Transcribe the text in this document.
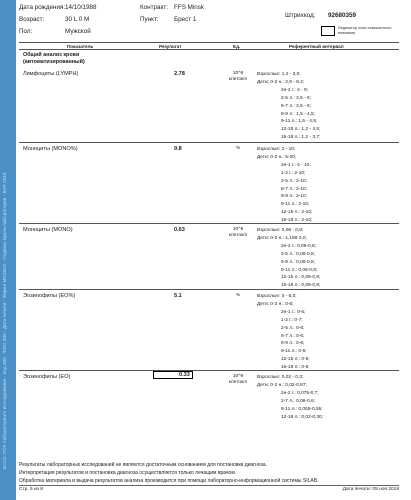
ЭССО: PDF лабораторного исследования · Код 380 · ФИО 380 · Дата печати · Фирма MEDBIO · Подпись врача лаборатории · ВАР 2018
Дата рождения: 14/10/1988
Возраст:	30 L 0 M
Пол:	Мужской
Контракт: FFS Minsk
Пункт: Брест 1
Штрихкод: 92680359
Индикатор зоны повышенного внимания
Показатель	Результат	Ед.	Референтный интервал
Общий анализ крови (автоматизированный)
Лимфоциты (LYMPH)	2.78	10^9 клеток/л
Взрослые: 1,2 - 3,0;
Дети: 0-2 н.: 2,9 - 9,4;
2н-2 г.: 4 - 9;
2-5 л.: 2,5 - 6;
6-7 л.: 2,5 - 6;
8-9 л.: 1,5 - 4,5;
9-11 л.: 1,5 - 4,5;
12-15 л.: 1,2 - 4,5;
16-18 л.: 1,2 - 3,7;
Моноциты (MONO%)	9.8	%	Взрослые: 2 - 10;
Дети: 0-2 н.: 5-20;
2н-1 г.: 4 - 10;
1-2 г.: 2-10;
2-5 л.: 2-10;
6-7 л.: 2-10;
8-9 л.: 2-10;
9-11 л.: 2-10;
12-15 л.: 2-10;
16-18 л.: 2-10;
Моноциты (MONO)	0.63	10^9 клеток/л
Взрослые: 0,06 - 0,8;
Дети: 0-2 н.: 1,169-3,0;
2н-2 г.: 0,06-0,8;
2-5 л.: 0,06-0,8;
5-9 л.: 0,06-0,8;
9-11 л.: 0,06-0,8;
12-15 л.: 0,06-0,8;
16-18 л.: 0,06-0,8;
Эозинофилы (EO%)	5.1	%	Взрослые: 0 - 6,0;
Дети: 0-2 н.: 0-6;
2н-1 г.: 0-6;
1-2 г.: 0-7;
2-5 л.: 0-6;
6-7 л.: 0-6;
8-9 л.: 0-6;
9-11 л.: 0-6;
12-15 л.: 0-6;
16-18 л.: 0-6;
Эозинофилы (EO)	0.33	10^9 клеток/л
Взрослые: 0,02 - 0,3;
Дети: 0-2 н.: 0,02-0,87;
2н-2 г.: 0,075-0,7;
2-7 л.: 0,06-0,6;
8-11 л.: 0,055-0,55;
12-18 л.: 0,02-0,30;
Результаты лабораторных исследований не являются достаточным основанием для постановки диагноза.
Интерпретация результатов и постановка диагноза осуществляется только лечащим врачом.
Обработка материала и выдача результатов анализа производится при помощи лабораторно-информационной системы SILAB.
Стр. 5 из 8	Дата печати: 05.ноя.2018
